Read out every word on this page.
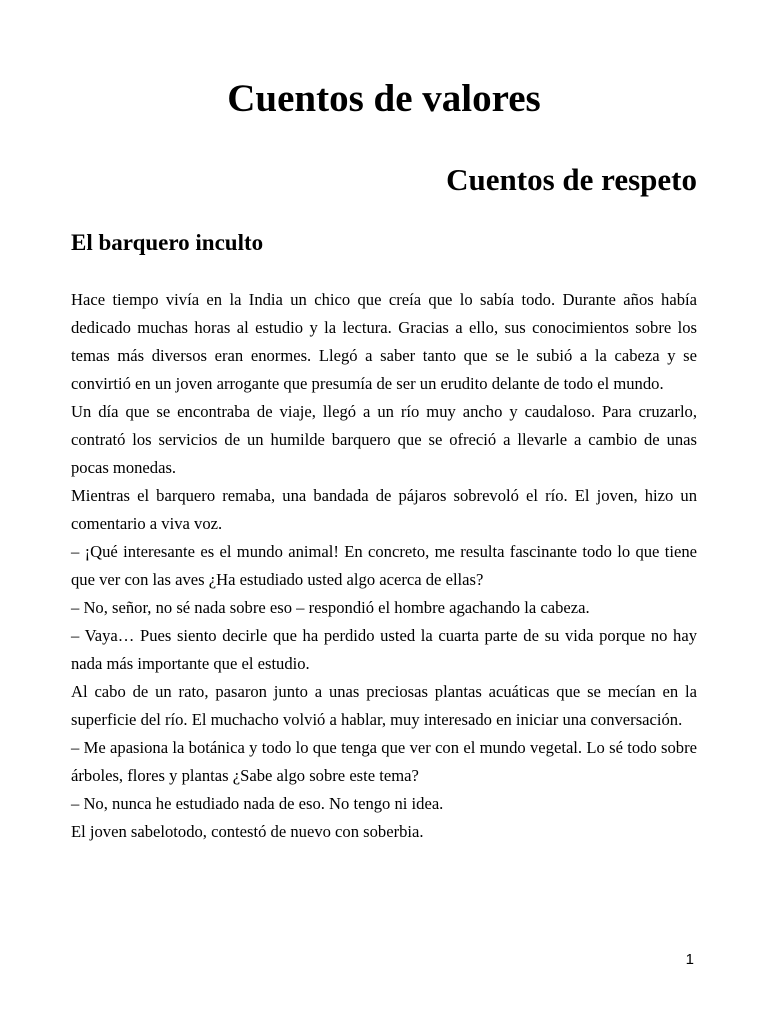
Cuentos de valores
Cuentos de respeto
El barquero inculto

Hace tiempo vivía en la India un chico que creía que lo sabía todo. Durante años había dedicado muchas horas al estudio y la lectura. Gracias a ello, sus conocimientos sobre los temas más diversos eran enormes. Llegó a saber tanto que se le subió a la cabeza y se convirtió en un joven arrogante que presumía de ser un erudito delante de todo el mundo.

Un día que se encontraba de viaje, llegó a un río muy ancho y caudaloso. Para cruzarlo, contrató los servicios de un humilde barquero que se ofreció a llevarle a cambio de unas pocas monedas.

Mientras el barquero remaba, una bandada de pájaros sobrevoló el río. El joven, hizo un comentario a viva voz.

– ¡Qué interesante es el mundo animal! En concreto, me resulta fascinante todo lo que tiene que ver con las aves ¿Ha estudiado usted algo acerca de ellas?

– No, señor, no sé nada sobre eso – respondió el hombre agachando la cabeza.

– Vaya… Pues siento decirle que ha perdido usted la cuarta parte de su vida porque no hay nada más importante que el estudio.

Al cabo de un rato, pasaron junto a unas preciosas plantas acuáticas que se mecían en la superficie del río. El muchacho volvió a hablar, muy interesado en iniciar una conversación.

– Me apasiona la botánica y todo lo que tenga que ver con el mundo vegetal. Lo sé todo sobre árboles, flores y plantas ¿Sabe algo sobre este tema?

– No, nunca he estudiado nada de eso. No tengo ni idea.

El joven sabelotodo, contestó de nuevo con soberbia.

1
